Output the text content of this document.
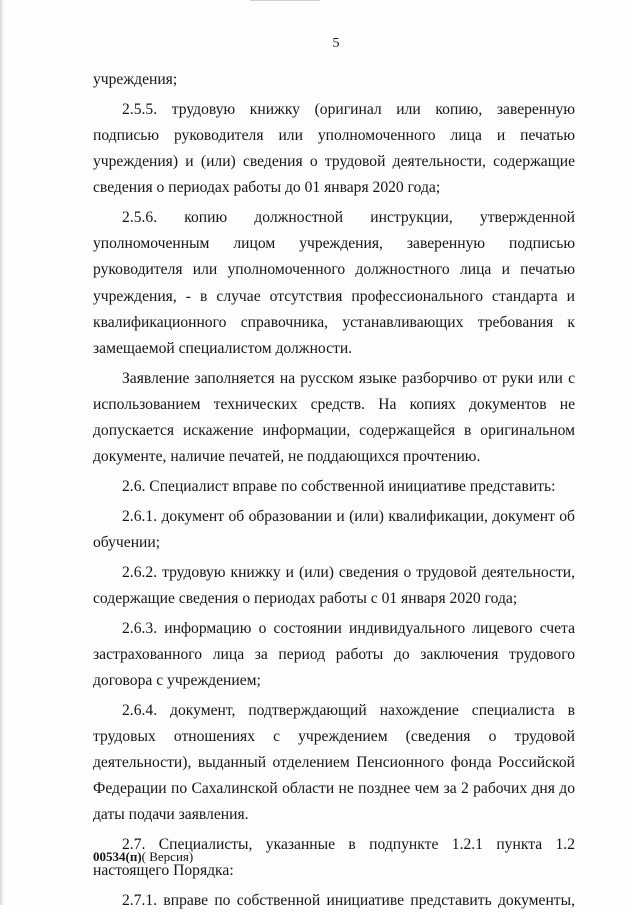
5

учреждения;

2.5.5. трудовую книжку (оригинал или копию, заверенную подписью руководителя или уполномоченного лица и печатью учреждения) и (или) сведения о трудовой деятельности, содержащие сведения о периодах работы до 01 января 2020 года;

2.5.6. копию должностной инструкции, утвержденной уполномоченным лицом учреждения, заверенную подписью руководителя или уполномоченного должностного лица и печатью учреждения, - в случае отсутствия профессионального стандарта и квалификационного справочника, устанавливающих требования к замещаемой специалистом должности.

Заявление заполняется на русском языке разборчиво от руки или с использованием технических средств. На копиях документов не допускается искажение информации, содержащейся в оригинальном документе, наличие печатей, не поддающихся прочтению.

2.6. Специалист вправе по собственной инициативе представить:

2.6.1. документ об образовании и (или) квалификации, документ об обучении;

2.6.2. трудовую книжку и (или) сведения о трудовой деятельности, содержащие сведения о периодах работы с 01 января 2020 года;

2.6.3. информацию о состоянии индивидуального лицевого счета застрахованного лица за период работы до заключения трудового договора с учреждением;

2.6.4. документ, подтверждающий нахождение специалиста в трудовых отношениях с учреждением (сведения о трудовой деятельности), выданный отделением Пенсионного фонда Российской Федерации по Сахалинской области не позднее чем за 2 рабочих дня до даты подачи заявления.

2.7. Специалисты, указанные в подпункте 1.2.1 пункта 1.2 настоящего Порядка:

2.7.1. вправе по собственной инициативе представить документы,

00534(п)( Версия)
